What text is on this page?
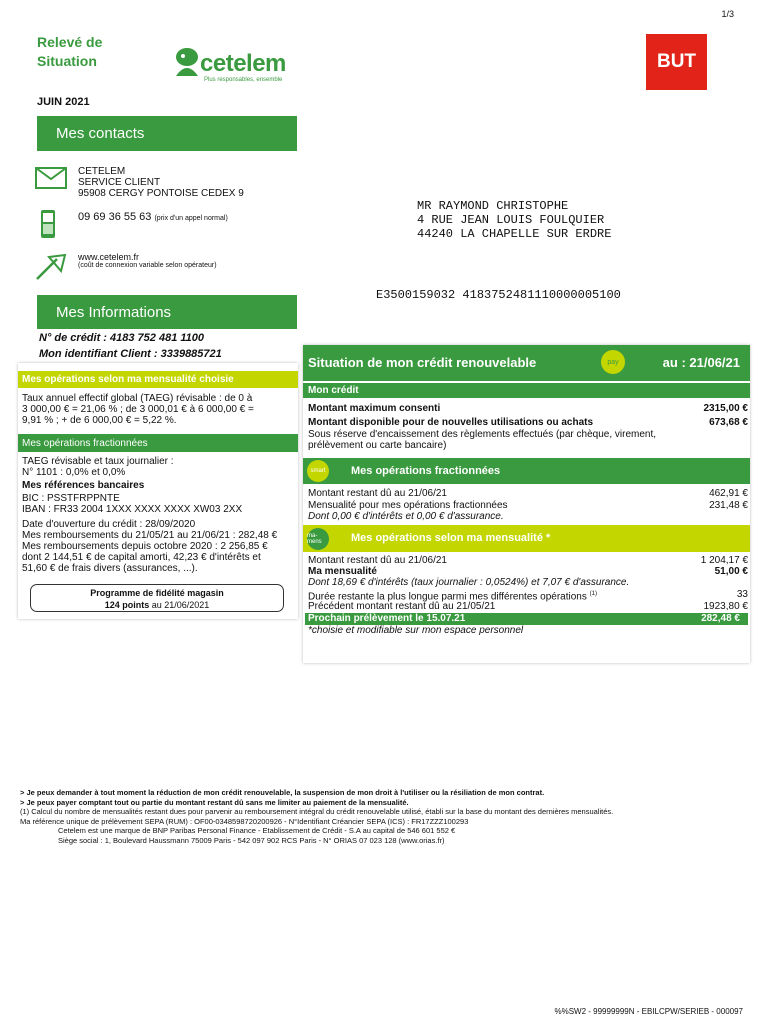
1/3
Relevé de
Situation	cetelem
Plus responsables, ensemble
BUT
JUIN 2021
Mes contacts
CETELEM
SERVICE CLIENT
95908 CERGY PONTOISE CEDEX 9
09 69 36 55 63 (prix d'un appel normal)
www.cetelem.fr
(coût de connexion variable selon opérateur)
MR RAYMOND CHRISTOPHE
4 RUE JEAN LOUIS FOULQUIER
44240 LA CHAPELLE SUR ERDRE
E3500159032 4183752481110000005100
Mes Informations
N° de crédit : 4183 752 481 1100
Mon identifiant Client : 3339885721
Mes opérations selon ma mensualité choisie
Taux annuel effectif global (TAEG) révisable : de 0 à
3 000,00 € = 21,06 % ; de 3 000,01 € à 6 000,00 € =
9,91 % ; + de 6 000,00 € = 5,22 %.
Mes opérations fractionnées
TAEG révisable et taux journalier :
N° 1101 : 0,0% et 0,0%
Mes références bancaires
BIC : PSSTFRPPNTE
IBAN : FR33 2004 1XXX XXXX XXXX XW03 2XX
Date d'ouverture du crédit : 28/09/2020
Mes remboursements du 21/05/21 au 21/06/21 : 282,48 €
Mes remboursements depuis octobre 2020 : 2 256,85 €
dont 2 144,51 € de capital amorti, 42,23 € d'intérêts et
51,60 € de frais divers (assurances, ...).
Programme de fidélité magasin
124 points au 21/06/2021
Situation de mon crédit renouvelable	pay	au : 21/06/21
Mon crédit
Montant maximum consenti	2315,00 €
Montant disponible pour de nouvelles utilisations ou achats	673,68 €
Sous réserve d'encaissement des règlements effectués (par chèque, virement,
prélèvement ou carte bancaire)
smart	Mes opérations fractionnées
Montant restant dû au 21/06/21	462,91 €
Mensualité pour mes opérations fractionnées	231,48 €
Dont 0,00 € d'intérêts et 0,00 € d'assurance.
ma-mens	Mes opérations selon ma mensualité *
Montant restant dû au 21/06/21	1 204,17 €
Ma mensualité	51,00 €
Dont 18,69 € d'intérêts (taux journalier : 0,0524%) et 7,07 € d'assurance.
Durée restante la plus longue parmi mes différentes opérations $^{(1)}$	33
Précédent montant restant dû au 21/05/21	1923,80 €
Prochain prélèvement le 15.07.21	282,48 €
*choisie et modifiable sur mon espace personnel
> Je peux demander à tout moment la réduction de mon crédit renouvelable, la suspension de mon droit à l'utiliser ou la résiliation de mon contrat.
> Je peux payer comptant tout ou partie du montant restant dû sans me limiter au paiement de la mensualité.
(1) Calcul du nombre de mensualités restant dues pour parvenir au remboursement intégral du crédit renouvelable utilisé, établi sur la base du montant des dernières mensualités.
Ma référence unique de prélèvement SEPA (RUM) : OF00-0348598720200926 - N°Identifiant Créancier SEPA (ICS) : FR17ZZZ100293
Cetelem est une marque de BNP Paribas Personal Finance - Etablissement de Crédit - S.A au capital de 546 601 552 €
Siège social : 1, Boulevard Haussmann 75009 Paris - 542 097 902 RCS Paris - N° ORIAS 07 023 128 (www.orias.fr)
%%SW2 - 99999999N - EBILCPW/SERIEB - 000097
